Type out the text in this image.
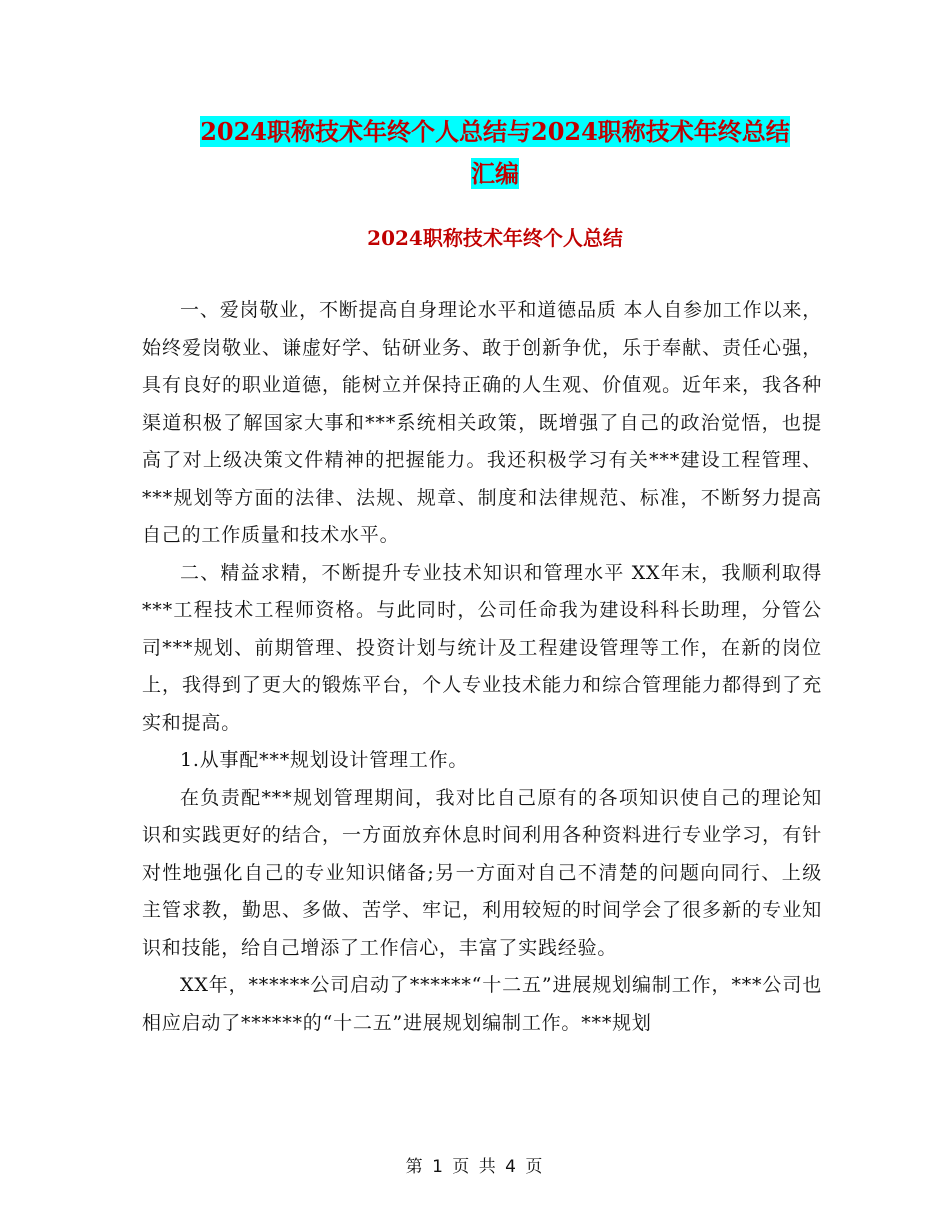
2024职称技术年终个人总结与2024职称技术年终总结
汇编
2024职称技术年终个人总结

一、爱岗敬业，不断提高自身理论水平和道德品质 本人自参加工作以来，始终爱岗敬业、谦虚好学、钻研业务、敢于创新争优，乐于奉献、责任心强，具有良好的职业道德，能树立并保持正确的人生观、价值观。近年来，我各种渠道积极了解国家大事和***系统相关政策，既增强了自己的政治觉悟，也提高了对上级决策文件精神的把握能力。我还积极学习有关***建设工程管理、***规划等方面的法律、法规、规章、制度和法律规范、标准，不断努力提高自己的工作质量和技术水平。

二、精益求精，不断提升专业技术知识和管理水平 XX年末，我顺利取得***工程技术工程师资格。与此同时，公司任命我为建设科科长助理，分管公司***规划、前期管理、投资计划与统计及工程建设管理等工作，在新的岗位上，我得到了更大的锻炼平台，个人专业技术能力和综合管理能力都得到了充实和提高。

1.从事配***规划设计管理工作。

在负责配***规划管理期间，我对比自己原有的各项知识使自己的理论知识和实践更好的结合，一方面放弃休息时间利用各种资料进行专业学习，有针对性地强化自己的专业知识储备;另一方面对自己不清楚的问题向同行、上级主管求教，勤思、多做、苦学、牢记，利用较短的时间学会了很多新的专业知识和技能，给自己增添了工作信心，丰富了实践经验。

XX年，******公司启动了******“十二五”进展规划编制工作，***公司也相应启动了******的“十二五”进展规划编制工作。***规划

第 1 页 共 4 页
